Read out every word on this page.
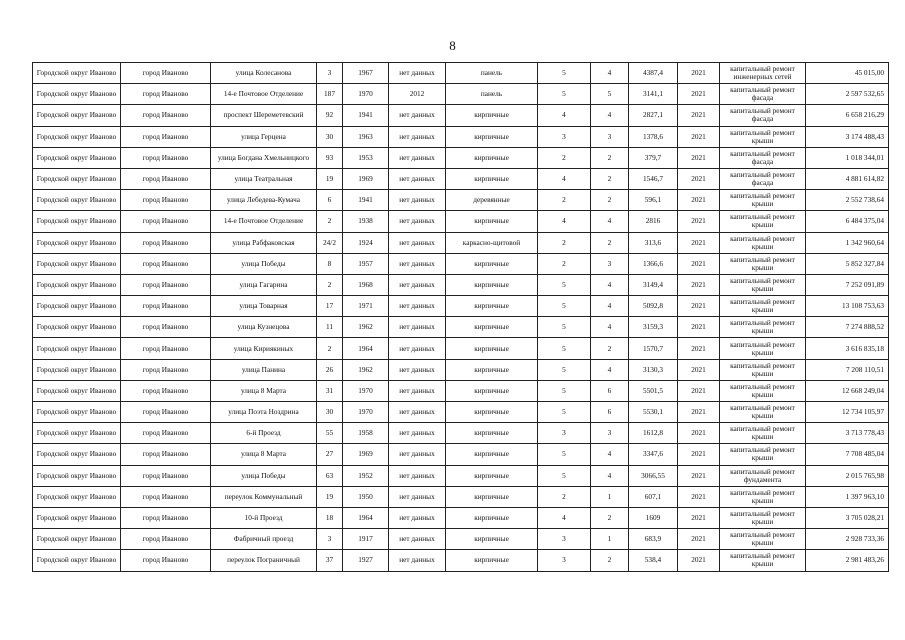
8
Городской округ Иваново	город Иваново	улица Колесанова	3	1967	нет данных	панель	5	4	4387,4	2021	капитальный ремонт инженерных сетей	45 015,00
Городской округ Иваново	город Иваново	14-е Почтовое Отделение	187	1970	2012	панель	5	5	3141,1	2021	капитальный ремонт фасада	2 597 532,65
Городской округ Иваново	город Иваново	проспект Шереметевский	92	1941	нет данных	кирпичные	4	4	2827,1	2021	капитальный ремонт фасада	6 658 216,29
Городской округ Иваново	город Иваново	улица Герцена	30	1963	нет данных	кирпичные	3	3	1378,6	2021	капитальный ремонт крыши	3 174 488,43
Городской округ Иваново	город Иваново	улица Богдана Хмельницкого	93	1953	нет данных	кирпичные	2	2	379,7	2021	капитальный ремонт фасада	1 018 344,01
Городской округ Иваново	город Иваново	улица Театральная	19	1969	нет данных	кирпичные	4	2	1546,7	2021	капитальный ремонт фасада	4 881 614,82
Городской округ Иваново	город Иваново	улица Лебедева-Кумача	6	1941	нет данных	деревянные	2	2	596,1	2021	капитальный ремонт крыши	2 552 738,64
Городской округ Иваново	город Иваново	14-е Почтовое Отделение	2	1938	нет данных	кирпичные	4	4	2816	2021	капитальный ремонт крыши	6 484 375,04
Городской округ Иваново	город Иваново	улица Рабфаковская	24/2	1924	нет данных	каркасно-щитовой	2	2	313,6	2021	капитальный ремонт крыши	1 342 960,64
Городской округ Иваново	город Иваново	улица Победы	8	1957	нет данных	кирпичные	2	3	1366,6	2021	капитальный ремонт крыши	5 852 327,84
Городской округ Иваново	город Иваново	улица Гагарина	2	1968	нет данных	кирпичные	5	4	3149,4	2021	капитальный ремонт крыши	7 252 091,89
Городской округ Иваново	город Иваново	улица Товарная	17	1971	нет данных	кирпичные	5	4	5092,8	2021	капитальный ремонт крыши	13 108 753,63
Городской округ Иваново	город Иваново	улица Кузнецова	11	1962	нет данных	кирпичные	5	4	3159,3	2021	капитальный ремонт крыши	7 274 888,52
Городской округ Иваново	город Иваново	улица Кириякиных	2	1964	нет данных	кирпичные	5	2	1570,7	2021	капитальный ремонт крыши	3 616 835,18
Городской округ Иваново	город Иваново	улица Панина	26	1962	нет данных	кирпичные	5	4	3130,3	2021	капитальный ремонт крыши	7 208 110,51
Городской округ Иваново	город Иваново	улица 8 Марта	31	1970	нет данных	кирпичные	5	6	5501,5	2021	капитальный ремонт крыши	12 668 249,04
Городской округ Иваново	город Иваново	улица Поэта Ноздрина	30	1970	нет данных	кирпичные	5	6	5530,1	2021	капитальный ремонт крыши	12 734 105,97
Городской округ Иваново	город Иваново	6-й Проезд	55	1958	нет данных	кирпичные	3	3	1612,8	2021	капитальный ремонт крыши	3 713 778,43
Городской округ Иваново	город Иваново	улица 8 Марта	27	1969	нет данных	кирпичные	5	4	3347,6	2021	капитальный ремонт крыши	7 708 485,04
Городской округ Иваново	город Иваново	улица Победы	63	1952	нет данных	кирпичные	5	4	3066,55	2021	капитальный ремонт фундамента	2 015 765,98
Городской округ Иваново	город Иваново	переулок Коммунальный	19	1950	нет данных	кирпичные	2	1	607,1	2021	капитальный ремонт крыши	1 397 963,10
Городской округ Иваново	город Иваново	10-й Проезд	18	1964	нет данных	кирпичные	4	2	1609	2021	капитальный ремонт крыши	3 705 028,21
Городской округ Иваново	город Иваново	Фабричный проезд	3	1917	нет данных	кирпичные	3	1	683,9	2021	капитальный ремонт крыши	2 928 733,36
Городской округ Иваново	город Иваново	переулок Пограничный	37	1927	нет данных	кирпичные	3	2	538,4	2021	капитальный ремонт крыши	2 981 483,26
